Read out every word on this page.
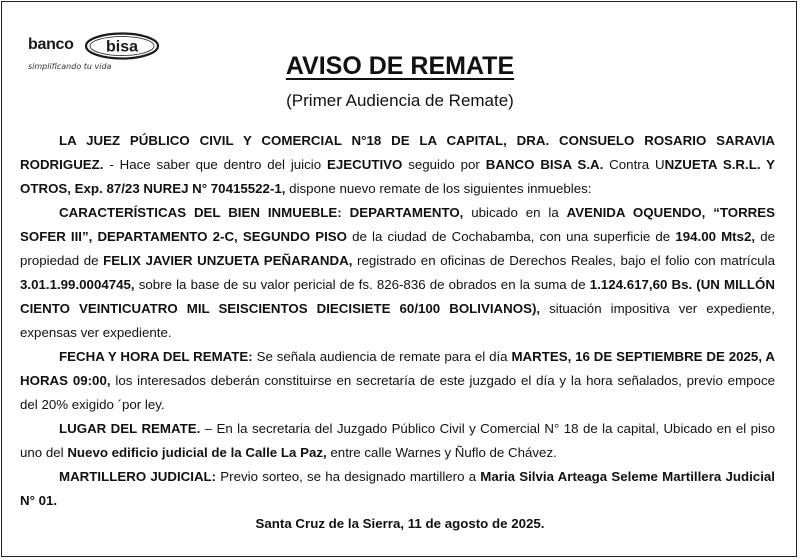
banco bisa
simplificando tu vida	AVISO DE REMATE
(Primer Audiencia de Remate)

LA JUEZ PÚBLICO CIVIL Y COMERCIAL N°18 DE LA CAPITAL, DRA. CONSUELO ROSARIO SARAVIA RODRIGUEZ. - Hace saber que dentro del juicio EJECUTIVO seguido por BANCO BISA S.A. Contra UNZUETA S.R.L. Y OTROS, Exp. 87/23 NUREJ N° 70415522-1, dispone nuevo remate de los siguientes inmuebles:

CARACTERÍSTICAS DEL BIEN INMUEBLE: DEPARTAMENTO, ubicado en la AVENIDA OQUENDO, “TORRES SOFER III”, DEPARTAMENTO 2-C, SEGUNDO PISO de la ciudad de Cochabamba, con una superficie de 194.00 Mts2, de propiedad de FELIX JAVIER UNZUETA PEÑARANDA, registrado en oficinas de Derechos Reales, bajo el folio con matrícula 3.01.1.99.0004745, sobre la base de su valor pericial de fs. 826-836 de obrados en la suma de 1.124.617,60 Bs. (UN MILLÓN CIENTO VEINTICUATRO MIL SEISCIENTOS DIECISIETE 60/100 BOLIVIANOS), situación impositiva ver expediente, expensas ver expediente.

FECHA Y HORA DEL REMATE: Se señala audiencia de remate para el día MARTES, 16 DE SEPTIEMBRE DE 2025, A HORAS 09:00, los interesados deberán constituirse en secretaría de este juzgado el día y la hora señalados, previo empoce del 20% exigido ´por ley.

LUGAR DEL REMATE. – En la secretaria del Juzgado Público Civil y Comercial N° 18 de la capital, Ubicado en el piso uno del Nuevo edificio judicial de la Calle La Paz, entre calle Warnes y Ñuflo de Chávez.

MARTILLERO JUDICIAL: Previo sorteo, se ha designado martillero a Maria Silvia Arteaga Seleme Martillera Judicial N° 01.

Santa Cruz de la Sierra, 11 de agosto de 2025.
